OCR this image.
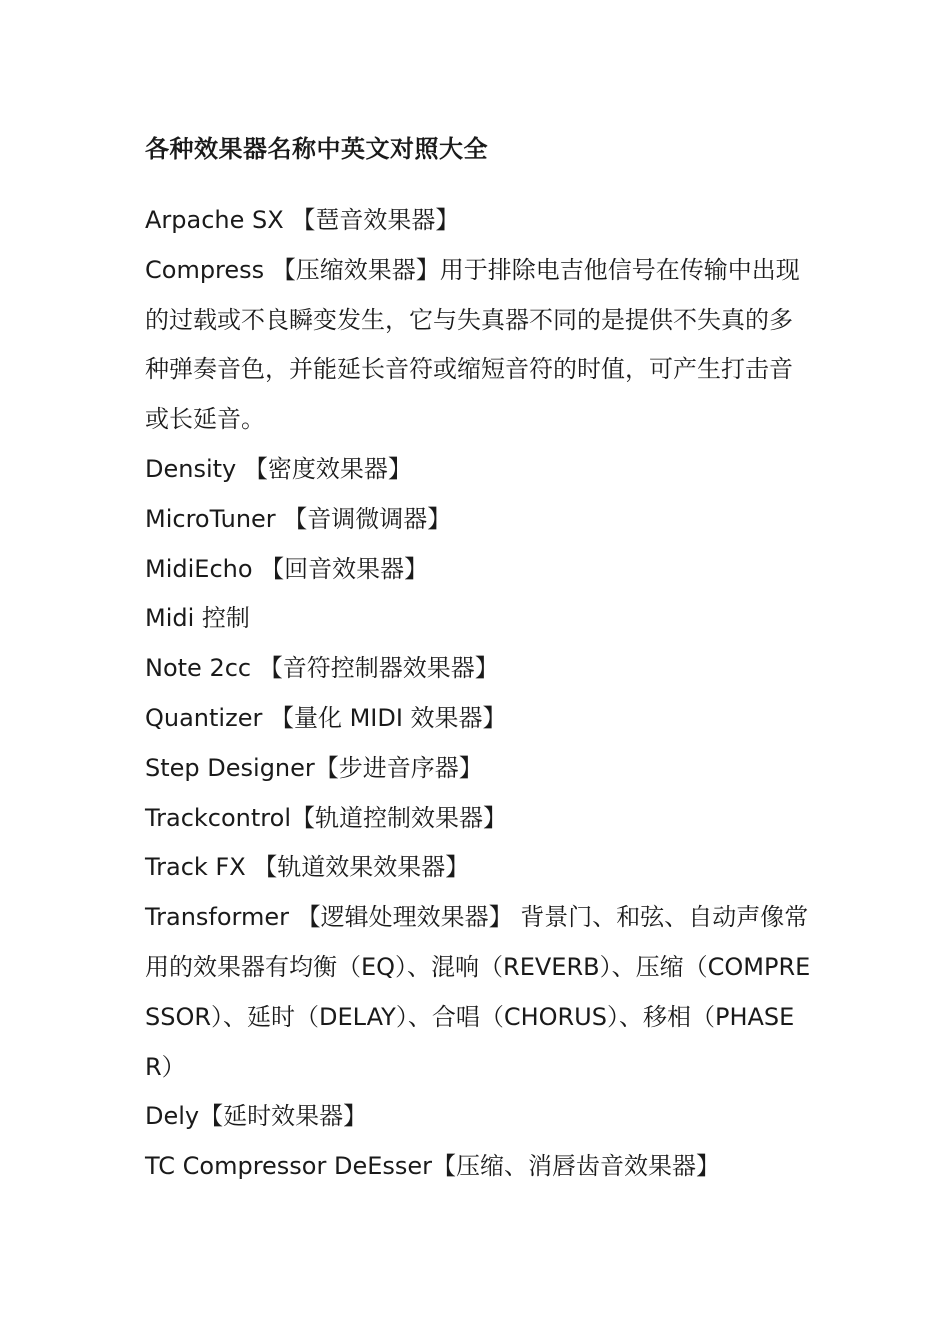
各种效果器名称中英文对照大全
Arpache SX 【琶音效果器】
Compress 【压缩效果器】用于排除电吉他信号在传输中出现的过载或不良瞬变发生，它与失真器不同的是提供不失真的多种弹奏音色，并能延长音符或缩短音符的时值，可产生打击音或长延音。
Density 【密度效果器】
MicroTuner 【音调微调器】
MidiEcho 【回音效果器】
Midi 控制
Note 2cc 【音符控制器效果器】
Quantizer 【量化 MIDI 效果器】
Step Designer【步进音序器】
Trackcontrol【轨道控制效果器】
Track FX 【轨道效果效果器】
Transformer 【逻辑处理效果器】 背景门、和弦、自动声像常用的效果器有均衡（EQ）、混响（REVERB）、压缩（COMPRESSOR）、延时（DELAY）、合唱（CHORUS）、移相（PHASER）
Dely【延时效果器】
TC Compressor DeEsser【压缩、消唇齿音效果器】
